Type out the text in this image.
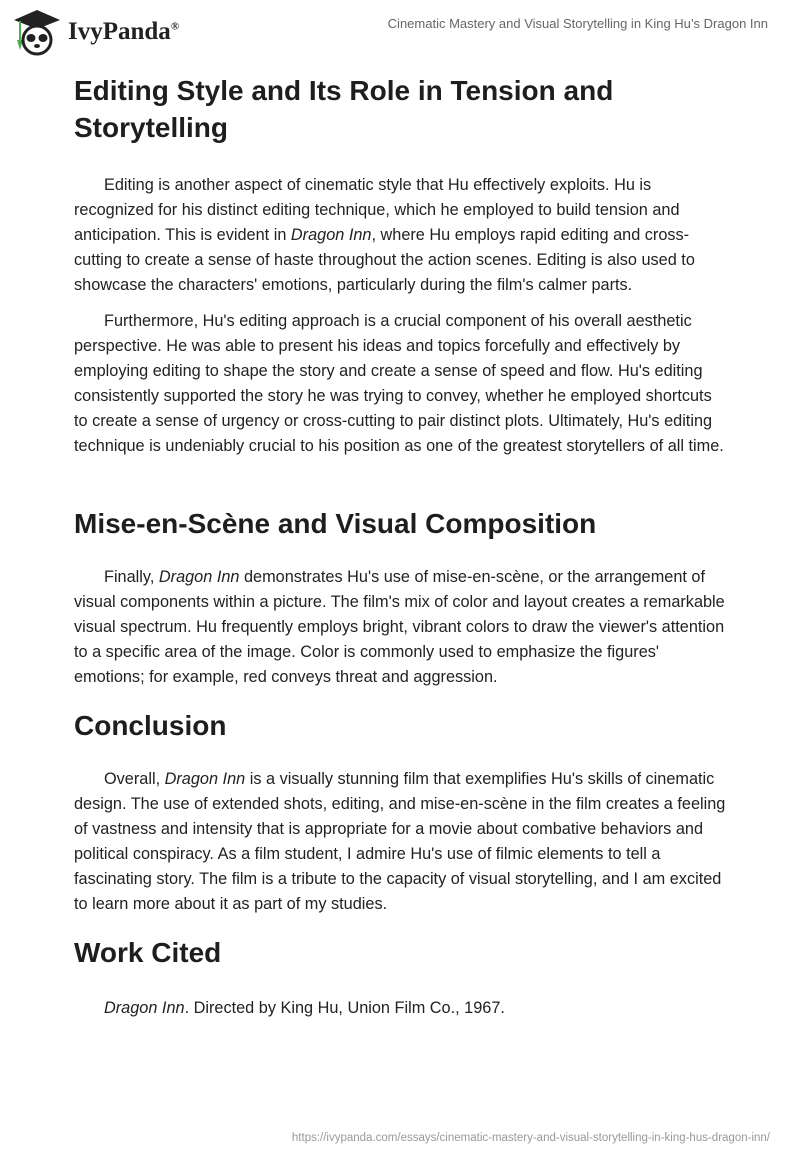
IvyPanda®	Cinematic Mastery and Visual Storytelling in King Hu’s Dragon Inn
Editing Style and Its Role in Tension and Storytelling

Editing is another aspect of cinematic style that Hu effectively exploits. Hu is recognized for his distinct editing technique, which he employed to build tension and anticipation. This is evident in Dragon Inn, where Hu employs rapid editing and cross-cutting to create a sense of haste throughout the action scenes. Editing is also used to showcase the characters' emotions, particularly during the film's calmer parts.

Furthermore, Hu's editing approach is a crucial component of his overall aesthetic perspective. He was able to present his ideas and topics forcefully and effectively by employing editing to shape the story and create a sense of speed and flow. Hu's editing consistently supported the story he was trying to convey, whether he employed shortcuts to create a sense of urgency or cross-cutting to pair distinct plots. Ultimately, Hu's editing technique is undeniably crucial to his position as one of the greatest storytellers of all time.

Mise-en-Scène and Visual Composition

Finally, Dragon Inn demonstrates Hu's use of mise-en-scène, or the arrangement of visual components within a picture. The film's mix of color and layout creates a remarkable visual spectrum. Hu frequently employs bright, vibrant colors to draw the viewer's attention to a specific area of the image. Color is commonly used to emphasize the figures' emotions; for example, red conveys threat and aggression.

Conclusion

Overall, Dragon Inn is a visually stunning film that exemplifies Hu's skills of cinematic design. The use of extended shots, editing, and mise-en-scène in the film creates a feeling of vastness and intensity that is appropriate for a movie about combative behaviors and political conspiracy. As a film student, I admire Hu's use of filmic elements to tell a fascinating story. The film is a tribute to the capacity of visual storytelling, and I am excited to learn more about it as part of my studies.

Work Cited

Dragon Inn. Directed by King Hu, Union Film Co., 1967.

https://ivypanda.com/essays/cinematic-mastery-and-visual-storytelling-in-king-hus-dragon-inn/
